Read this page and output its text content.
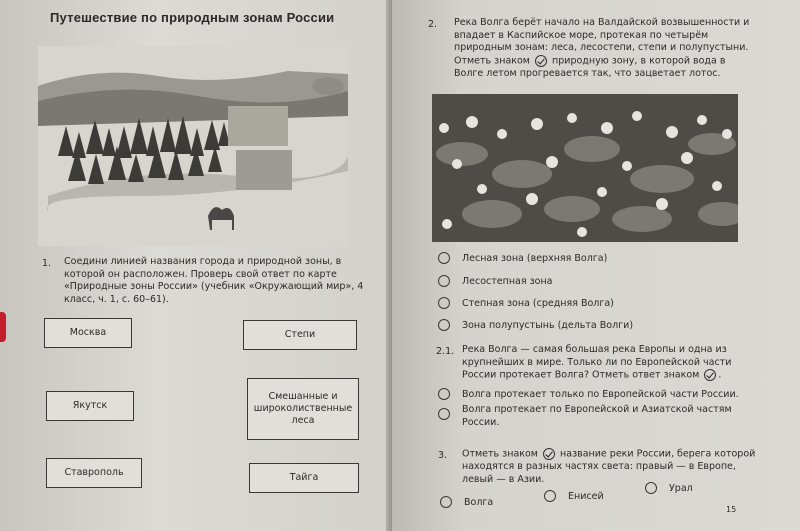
Путешествие по природным зонам России
1. Соедини линией названия города и природной зоны, в которой он расположен. Проверь свой ответ по карте «Природные зоны России» (учебник «Окружающий мир», 4 класс, ч. 1, с. 60–61).
Москва
Якутск
Ставрополь
Степи
Смешанные и широколиственные леса
Тайга
2. Река Волга берёт начало на Валдайской возвышенности и впадает в Каспийское море, протекая по четырём природным зонам: леса, лесостепи, степи и полупустыни. Отметь знаком природную зону, в которой вода в Волге летом прогревается так, что зацветает лотос.
15
Лесная зона (верхняя Волга)
Лесостепная зона
Степная зона (средняя Волга)
Зона полупустынь (дельта Волги)
2.1. Река Волга — самая большая река Европы и одна из крупнейших в мире. Только ли по Европейской части России протекает Волга? Отметь ответ знаком .
Волга протекает только по Европейской части России.
Волга протекает по Европейской и Азиатской частям России.
3. Отметь знаком название реки России, берега которой находятся в разных частях света: правый — в Европе, левый — в Азии.
Волга
Енисей
Урал
